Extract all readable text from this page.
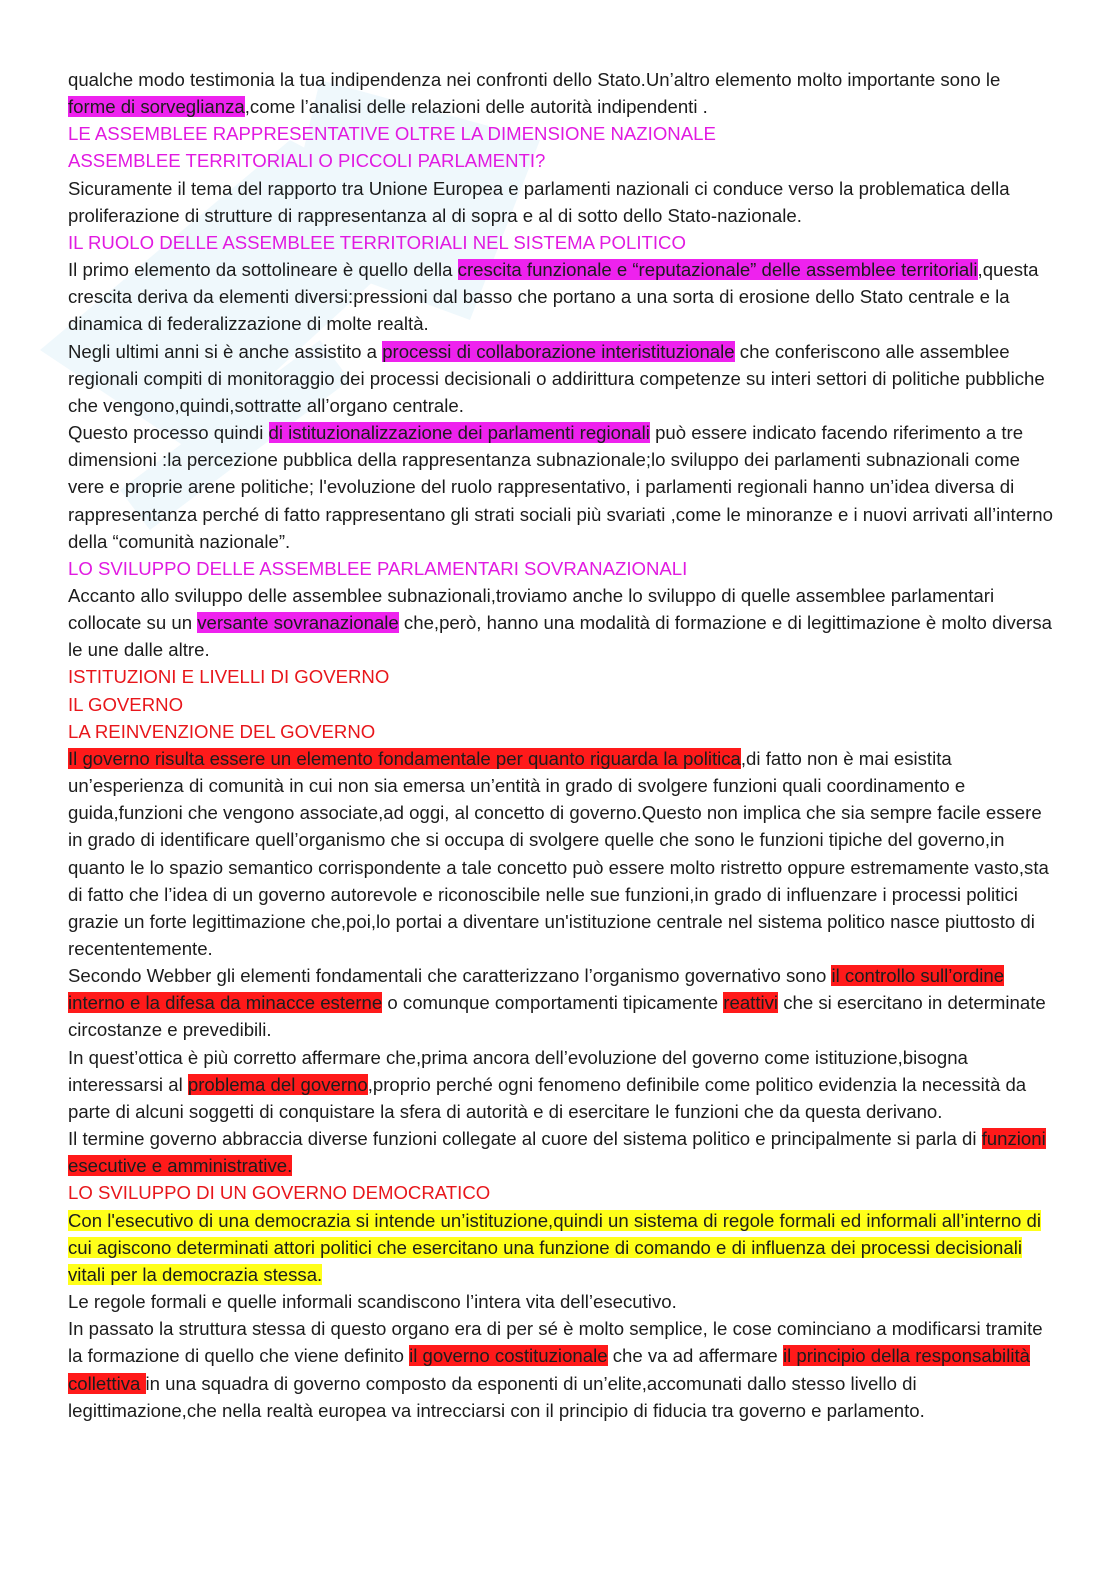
qualche modo testimonia la tua indipendenza nei confronti dello Stato.Un’altro elemento molto importante sono le forme di sorveglianza,come l’analisi delle relazioni delle autorità indipendenti .

LE ASSEMBLEE RAPPRESENTATIVE OLTRE LA DIMENSIONE NAZIONALE

ASSEMBLEE TERRITORIALI O PICCOLI PARLAMENTI?

Sicuramente il tema del rapporto tra Unione Europea e parlamenti nazionali ci conduce verso la problematica della proliferazione di strutture di rappresentanza al di sopra e al di sotto dello Stato-nazionale.

IL RUOLO DELLE ASSEMBLEE TERRITORIALI NEL SISTEMA POLITICO

Il primo elemento da sottolineare è quello della crescita funzionale e “reputazionale” delle assemblee territoriali,questa crescita deriva da elementi diversi:pressioni dal basso che portano a una sorta di erosione dello Stato centrale e la dinamica di federalizzazione di molte realtà.

Negli ultimi anni si è anche assistito a processi di collaborazione interistituzionale che conferiscono alle assemblee regionali compiti di monitoraggio dei processi decisionali o addirittura competenze su interi settori di politiche pubbliche che vengono,quindi,sottratte all’organo centrale.

Questo processo quindi di istituzionalizzazione dei parlamenti regionali può essere indicato facendo riferimento a tre dimensioni :la percezione pubblica della rappresentanza subnazionale;lo sviluppo dei parlamenti subnazionali come vere e proprie arene politiche; l'evoluzione del ruolo rappresentativo, i parlamenti regionali hanno un’idea diversa di rappresentanza perché di fatto rappresentano gli strati sociali più svariati ,come le minoranze e i nuovi arrivati all’interno della “comunità nazionale”.

LO SVILUPPO DELLE ASSEMBLEE PARLAMENTARI SOVRANAZIONALI

Accanto allo sviluppo delle assemblee subnazionali,troviamo anche lo sviluppo di quelle assemblee parlamentari collocate su un versante sovranazionale che,però, hanno una modalità di formazione e di legittimazione è molto diversa le une dalle altre.

ISTITUZIONI E LIVELLI DI GOVERNO

IL GOVERNO

LA REINVENZIONE DEL GOVERNO

Il governo risulta essere un elemento fondamentale per quanto riguarda la politica,di fatto non è mai esistita un’esperienza di comunità in cui non sia emersa un’entità in grado di svolgere funzioni quali coordinamento e guida,funzioni che vengono associate,ad oggi, al concetto di governo.Questo non implica che sia sempre facile essere in grado di identificare quell’organismo che si occupa di svolgere quelle che sono le funzioni tipiche del governo,in quanto le lo spazio semantico corrispondente a tale concetto può essere molto ristretto oppure estremamente vasto,sta di fatto che l’idea di un governo autorevole e riconoscibile nelle sue funzioni,in grado di influenzare i processi politici grazie un forte legittimazione che,poi,lo portai a diventare un'istituzione centrale nel sistema politico nasce piuttosto di recententemente.

Secondo Webber gli elementi fondamentali che caratterizzano l’organismo governativo sono il controllo sull’ordine interno e la difesa da minacce esterne o comunque comportamenti tipicamente reattivi che si esercitano in determinate circostanze e prevedibili.

In quest’ottica è più corretto affermare che,prima ancora dell’evoluzione del governo come istituzione,bisogna interessarsi al problema del governo,proprio perché ogni fenomeno definibile come politico evidenzia la necessità da parte di alcuni soggetti di conquistare la sfera di autorità e di esercitare le funzioni che da questa derivano.

Il termine governo abbraccia diverse funzioni collegate al cuore del sistema politico e principalmente si parla di funzioni esecutive e amministrative.

LO SVILUPPO DI UN GOVERNO DEMOCRATICO

Con l'esecutivo di una democrazia si intende un’istituzione,quindi un sistema di regole formali ed informali all’interno di cui agiscono determinati attori politici che esercitano una funzione di comando e di influenza dei processi decisionali vitali per la democrazia stessa.

Le regole formali e quelle informali scandiscono l’intera vita dell’esecutivo.

In passato la struttura stessa di questo organo era di per sé è molto semplice, le cose cominciano a modificarsi tramite la formazione di quello che viene definito il governo costituzionale che va ad affermare il principio della responsabilità collettiva in una squadra di governo composto da esponenti di un’elite,accomunati dallo stesso livello di legittimazione,che nella realtà europea va intrecciarsi con il principio di fiducia tra governo e parlamento.
